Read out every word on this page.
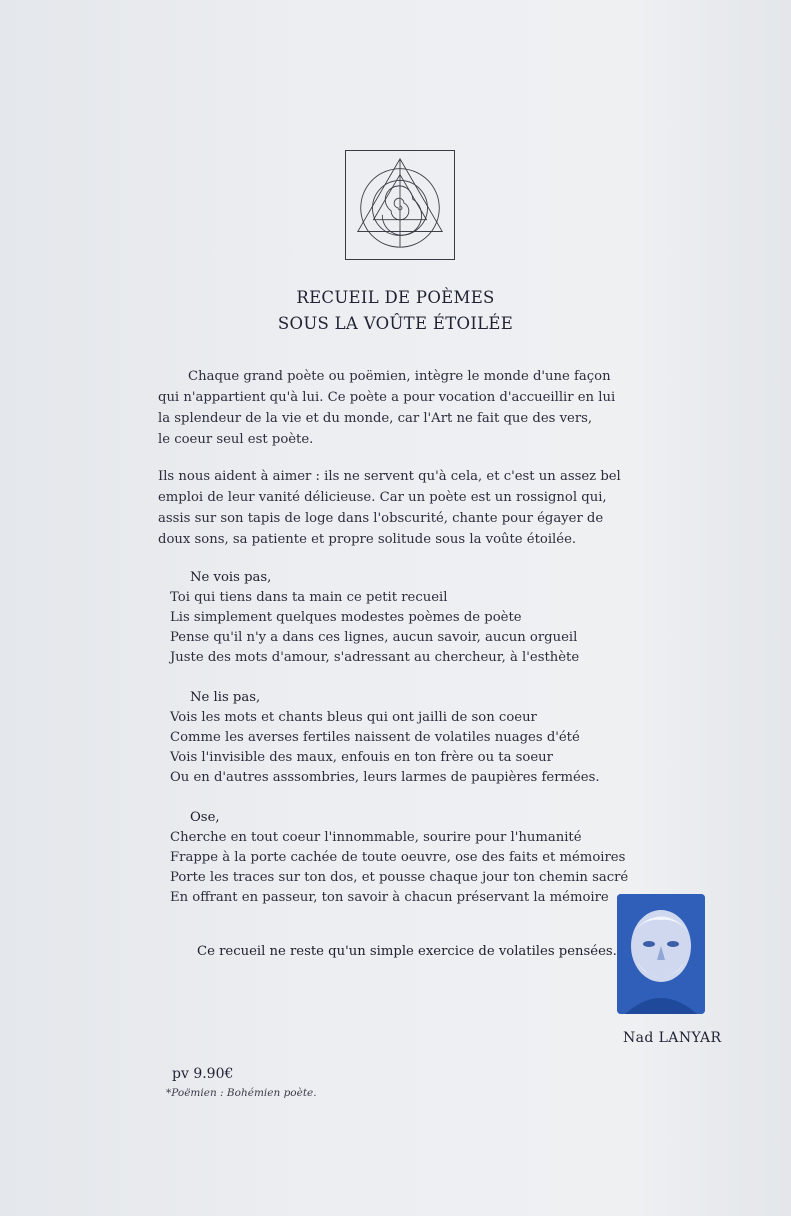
RECUEIL DE POÈMES
SOUS LA VOÛTE ÉTOILÉE
Chaque grand poète ou poëmien, intègre le monde d'une façon
qui n'appartient qu'à lui. Ce poète a pour vocation d'accueillir en lui
la splendeur de la vie et du monde, car l'Art ne fait que des vers,
le coeur seul est poète.
Ils nous aident à aimer : ils ne servent qu'à cela, et c'est un assez bel
emploi de leur vanité délicieuse. Car un poète est un rossignol qui,
assis sur son tapis de loge dans l'obscurité, chante pour égayer de
doux sons, sa patiente et propre solitude sous la voûte étoilée.
Ne vois pas,
Toi qui tiens dans ta main ce petit recueil
Lis simplement quelques modestes poèmes de poète
Pense qu'il n'y a dans ces lignes, aucun savoir, aucun orgueil
Juste des mots d'amour, s'adressant au chercheur, à l'esthète
Ne lis pas,
Vois les mots et chants bleus qui ont jailli de son coeur
Comme les averses fertiles naissent de volatiles nuages d'été
Vois l'invisible des maux, enfouis en ton frère ou ta soeur
Ou en d'autres asssombries, leurs larmes de paupières fermées.
Ose,
Cherche en tout coeur l'innommable, sourire pour l'humanité
Frappe à la porte cachée de toute oeuvre, ose des faits et mémoires
Porte les traces sur ton dos, et pousse chaque jour ton chemin sacré
En offrant en passeur, ton savoir à chacun préservant la mémoire
Ce recueil ne reste qu'un simple exercice de volatiles pensées.
Nad LANYAR
pv 9.90€
*Poëmien : Bohémien poète.
